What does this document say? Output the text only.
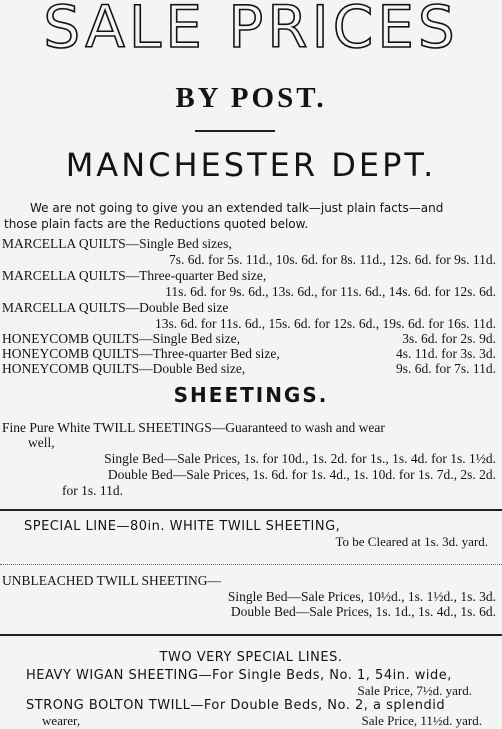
SALE PRICES
BY POST.
MANCHESTER DEPT.
We are not going to give you an extended talk—just plain facts—and
those plain facts are the Reductions quoted below.
MARCELLA QUILTS—Single Bed sizes,
7s. 6d. for 5s. 11d., 10s. 6d. for 8s. 11d., 12s. 6d. for 9s. 11d.
MARCELLA QUILTS—Three-quarter Bed size,
11s. 6d. for 9s. 6d., 13s. 6d., for 11s. 6d., 14s. 6d. for 12s. 6d.
MARCELLA QUILTS—Double Bed size
13s. 6d. for 11s. 6d., 15s. 6d. for 12s. 6d., 19s. 6d. for 16s. 11d.
HONEYCOMB QUILTS—Single Bed size,	3s. 6d. for 2s. 9d.
HONEYCOMB QUILTS—Three-quarter Bed size,	4s. 11d. for 3s. 3d.
HONEYCOMB QUILTS—Double Bed size,	9s. 6d. for 7s. 11d.
SHEETINGS.
Fine Pure White TWILL SHEETINGS—Guaranteed to wash and wear
well,
Single Bed—Sale Prices, 1s. for 10d., 1s. 2d. for 1s., 1s. 4d. for 1s. 1½d.
Double Bed—Sale Prices, 1s. 6d. for 1s. 4d., 1s. 10d. for 1s. 7d., 2s. 2d.
for 1s. 11d.
SPECIAL LINE—80in. WHITE TWILL SHEETING,
To be Cleared at 1s. 3d. yard.
UNBLEACHED TWILL SHEETING—
Single Bed—Sale Prices, 10½d., 1s. 1½d., 1s. 3d.
Double Bed—Sale Prices, 1s. 1d., 1s. 4d., 1s. 6d.
TWO VERY SPECIAL LINES.
HEAVY WIGAN SHEETING—For Single Beds, No. 1, 54in. wide,
Sale Price, 7½d. yard.
STRONG BOLTON TWILL—For Double Beds, No. 2, a splendid
wearer,	Sale Price, 11½d. yard.
